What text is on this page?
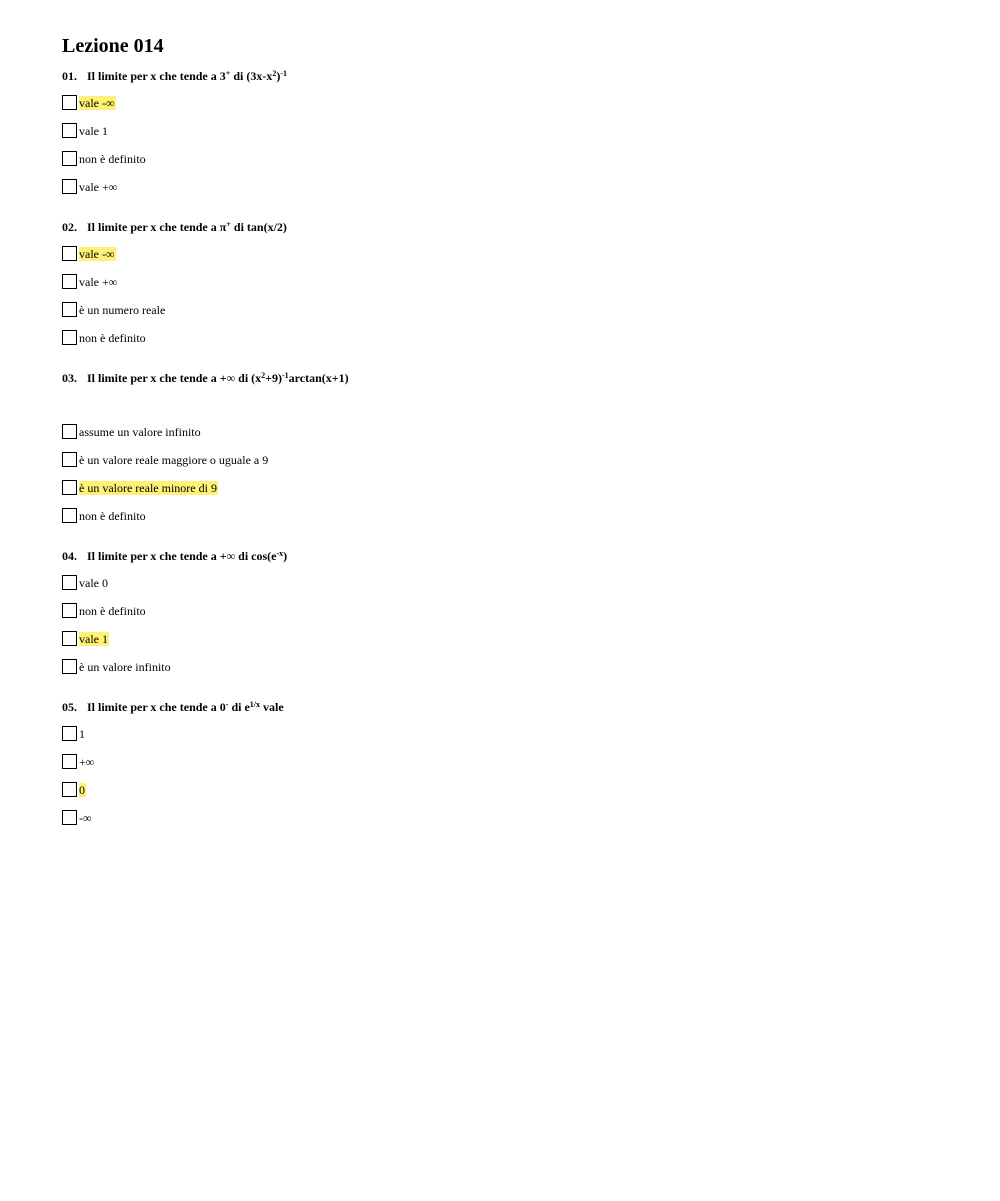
Lezione 014
01. Il limite per x che tende a 3+ di $(3x-x^2)^{-1}$
vale -∞
vale 1
non è definito
vale +∞
02. Il limite per x che tende a π+ di tan(x/2)
vale -∞
vale +∞
è un numero reale
non è definito
03. Il limite per x che tende a +∞ di $(x^2+9)^{-1}\arctan(x+1)$
assume un valore infinito
è un valore reale maggiore o uguale a 9
è un valore reale minore di 9
non è definito
04. Il limite per x che tende a +∞ di $\cos(e^{-x})$
vale 0
non è definito
vale 1
è un valore infinito
05. Il limite per x che tende a 0- di $e^{1/x}$ vale
1
+∞
0
-∞
